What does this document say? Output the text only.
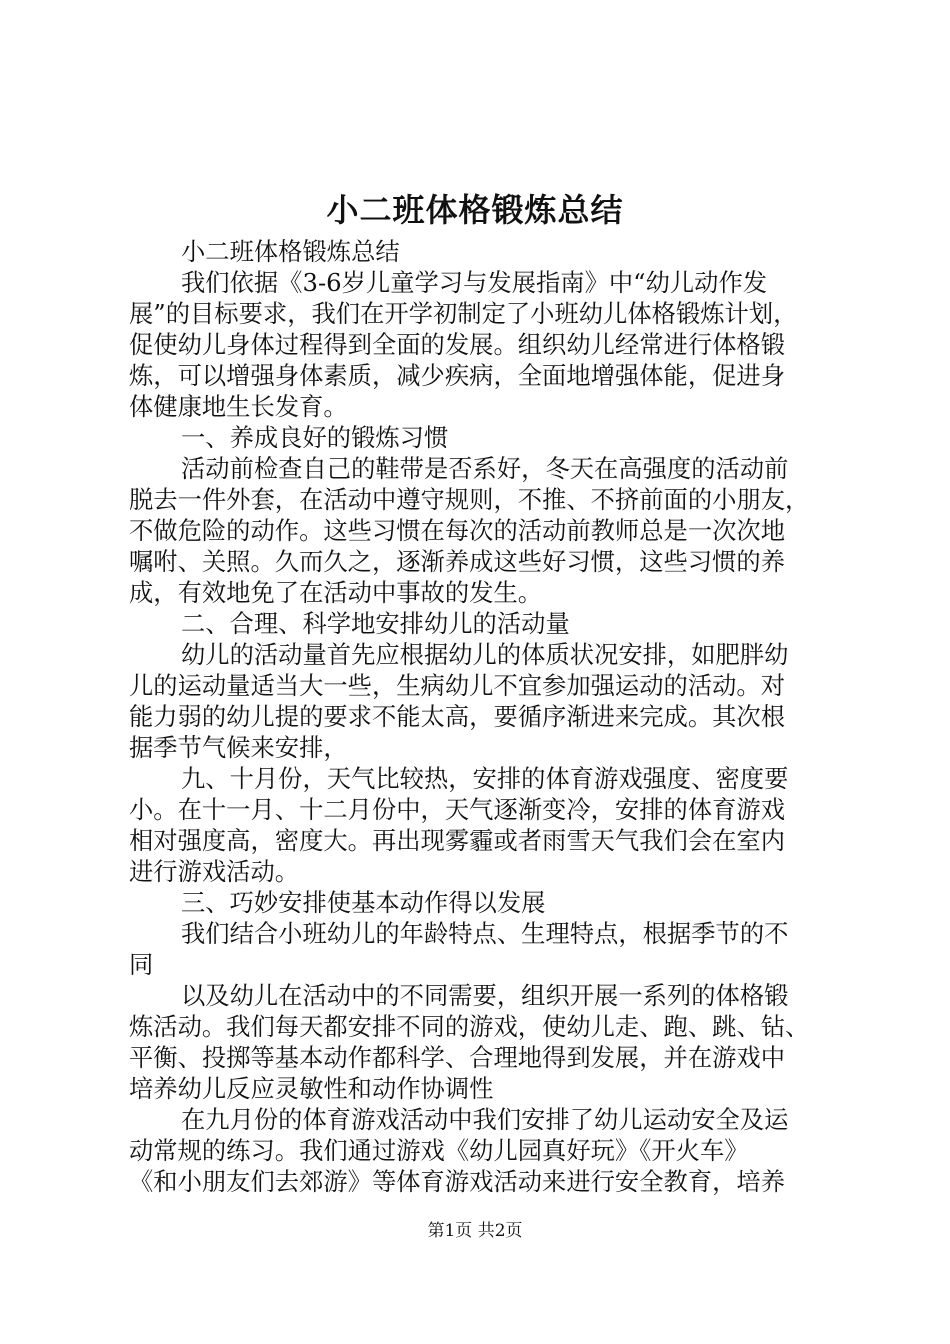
小二班体格锻炼总结
小二班体格锻炼总结
我们依据《3-6岁儿童学习与发展指南》中“幼儿动作发
展”的目标要求，我们在开学初制定了小班幼儿体格锻炼计划，
促使幼儿身体过程得到全面的发展。组织幼儿经常进行体格锻
炼，可以增强身体素质，减少疾病，全面地增强体能，促进身
体健康地生长发育。
一、养成良好的锻炼习惯
活动前检查自己的鞋带是否系好，冬天在高强度的活动前
脱去一件外套，在活动中遵守规则，不推、不挤前面的小朋友，
不做危险的动作。这些习惯在每次的活动前教师总是一次次地
嘱咐、关照。久而久之，逐渐养成这些好习惯，这些习惯的养
成，有效地免了在活动中事故的发生。
二、合理、科学地安排幼儿的活动量
幼儿的活动量首先应根据幼儿的体质状况安排，如肥胖幼
儿的运动量适当大一些，生病幼儿不宜参加强运动的活动。对
能力弱的幼儿提的要求不能太高，要循序渐进来完成。其次根
据季节气候来安排，
九、十月份，天气比较热，安排的体育游戏强度、密度要
小。在十一月、十二月份中，天气逐渐变冷，安排的体育游戏
相对强度高，密度大。再出现雾霾或者雨雪天气我们会在室内
进行游戏活动。
三、巧妙安排使基本动作得以发展
我们结合小班幼儿的年龄特点、生理特点，根据季节的不
同
以及幼儿在活动中的不同需要，组织开展一系列的体格锻
炼活动。我们每天都安排不同的游戏，使幼儿走、跑、跳、钻、
平衡、投掷等基本动作都科学、合理地得到发展，并在游戏中
培养幼儿反应灵敏性和动作协调性
在九月份的体育游戏活动中我们安排了幼儿运动安全及运
动常规的练习。我们通过游戏《幼儿园真好玩》《开火车》
《和小朋友们去郊游》等体育游戏活动来进行安全教育，培养
第1页 共2页
